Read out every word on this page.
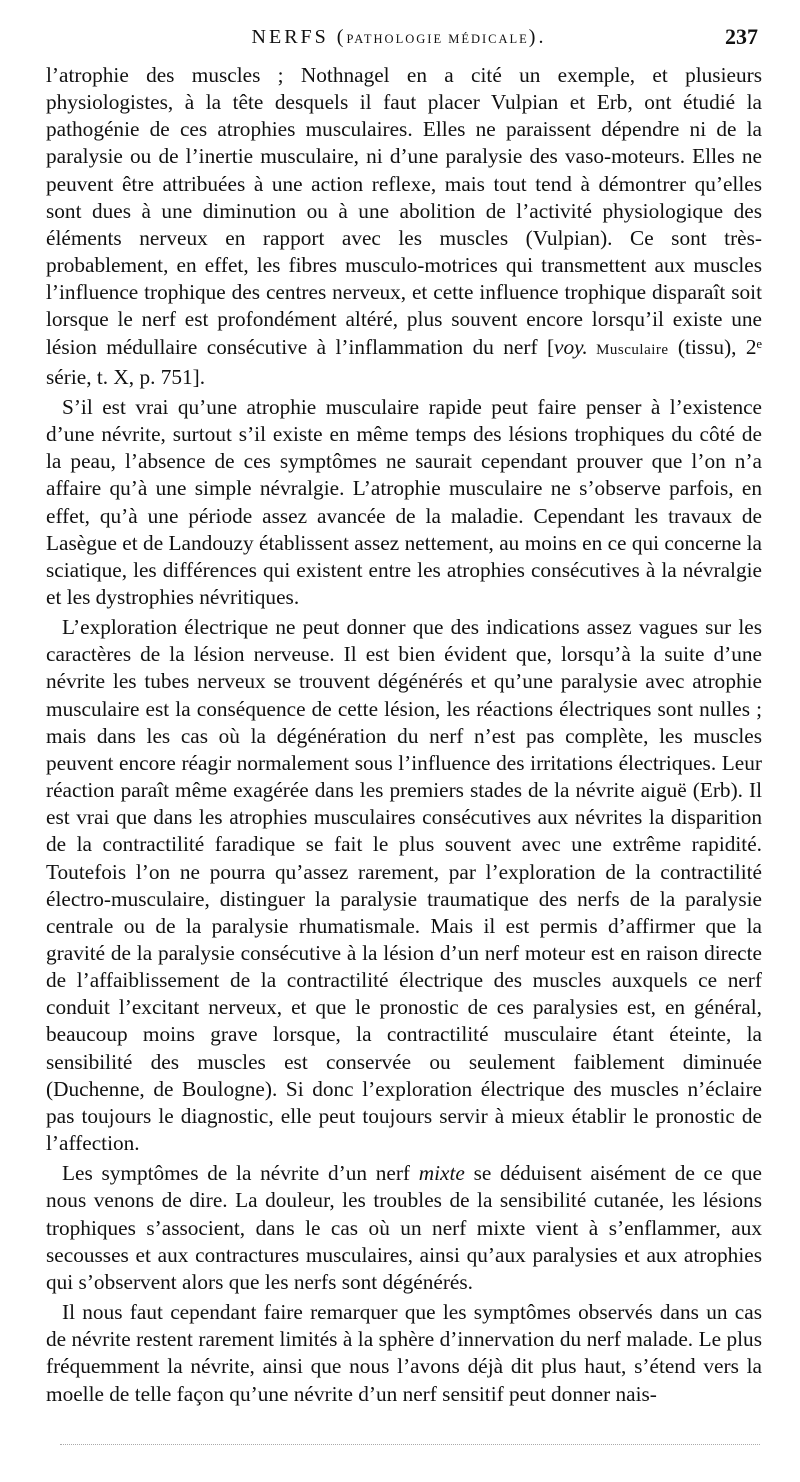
NERFS (PATHOLOGIE MÉDICALE).	237

l’atrophie des muscles ; Nothnagel en a cité un exemple, et plusieurs physiologistes, à la tête desquels il faut placer Vulpian et Erb, ont étudié la pathogénie de ces atrophies musculaires. Elles ne paraissent dépendre ni de la paralysie ou de l’inertie musculaire, ni d’une paralysie des vaso-moteurs. Elles ne peuvent être attribuées à une action reflexe, mais tout tend à démontrer qu’elles sont dues à une diminution ou à une abolition de l’activité physiologique des éléments nerveux en rapport avec les muscles (Vulpian). Ce sont très-probablement, en effet, les fibres musculo-motrices qui transmettent aux muscles l’influence trophique des centres nerveux, et cette influence trophique disparaît soit lorsque le nerf est profondément altéré, plus souvent encore lorsqu’il existe une lésion médullaire consécutive à l’inflammation du nerf [voy. Musculaire (tissu), 2ᵉ série, t. X, p. 751].

S’il est vrai qu’une atrophie musculaire rapide peut faire penser à l’existence d’une névrite, surtout s’il existe en même temps des lésions trophiques du côté de la peau, l’absence de ces symptômes ne saurait cependant prouver que l’on n’a affaire qu’à une simple névralgie. L’atrophie musculaire ne s’observe parfois, en effet, qu’à une période assez avancée de la maladie. Cependant les travaux de Lasègue et de Landouzy établissent assez nettement, au moins en ce qui concerne la sciatique, les différences qui existent entre les atrophies consécutives à la névralgie et les dystrophies névritiques.

L’exploration électrique ne peut donner que des indications assez vagues sur les caractères de la lésion nerveuse. Il est bien évident que, lorsqu’à la suite d’une névrite les tubes nerveux se trouvent dégénérés et qu’une paralysie avec atrophie musculaire est la conséquence de cette lésion, les réactions électriques sont nulles ; mais dans les cas où la dégénération du nerf n’est pas complète, les muscles peuvent encore réagir normalement sous l’influence des irritations électriques. Leur réaction paraît même exagérée dans les premiers stades de la névrite aiguë (Erb). Il est vrai que dans les atrophies musculaires consécutives aux névrites la disparition de la contractilité faradique se fait le plus souvent avec une extrême rapidité. Toutefois l’on ne pourra qu’assez rarement, par l’exploration de la contractilité électro-musculaire, distinguer la paralysie traumatique des nerfs de la paralysie centrale ou de la paralysie rhumatismale. Mais il est permis d’affirmer que la gravité de la paralysie consécutive à la lésion d’un nerf moteur est en raison directe de l’affaiblissement de la contractilité électrique des muscles auxquels ce nerf conduit l’excitant nerveux, et que le pronostic de ces paralysies est, en général, beaucoup moins grave lorsque, la contractilité musculaire étant éteinte, la sensibilité des muscles est conservée ou seulement faiblement diminuée (Duchenne, de Boulogne). Si donc l’exploration électrique des muscles n’éclaire pas toujours le diagnostic, elle peut toujours servir à mieux établir le pronostic de l’affection.

Les symptômes de la névrite d’un nerf mixte se déduisent aisément de ce que nous venons de dire. La douleur, les troubles de la sensibilité cutanée, les lésions trophiques s’associent, dans le cas où un nerf mixte vient à s’enflammer, aux secousses et aux contractures musculaires, ainsi qu’aux paralysies et aux atrophies qui s’observent alors que les nerfs sont dégénérés.

Il nous faut cependant faire remarquer que les symptômes observés dans un cas de névrite restent rarement limités à la sphère d’innervation du nerf malade. Le plus fréquemment la névrite, ainsi que nous l’avons déjà dit plus haut, s’étend vers la moelle de telle façon qu’une névrite d’un nerf sensitif peut donner nais-
